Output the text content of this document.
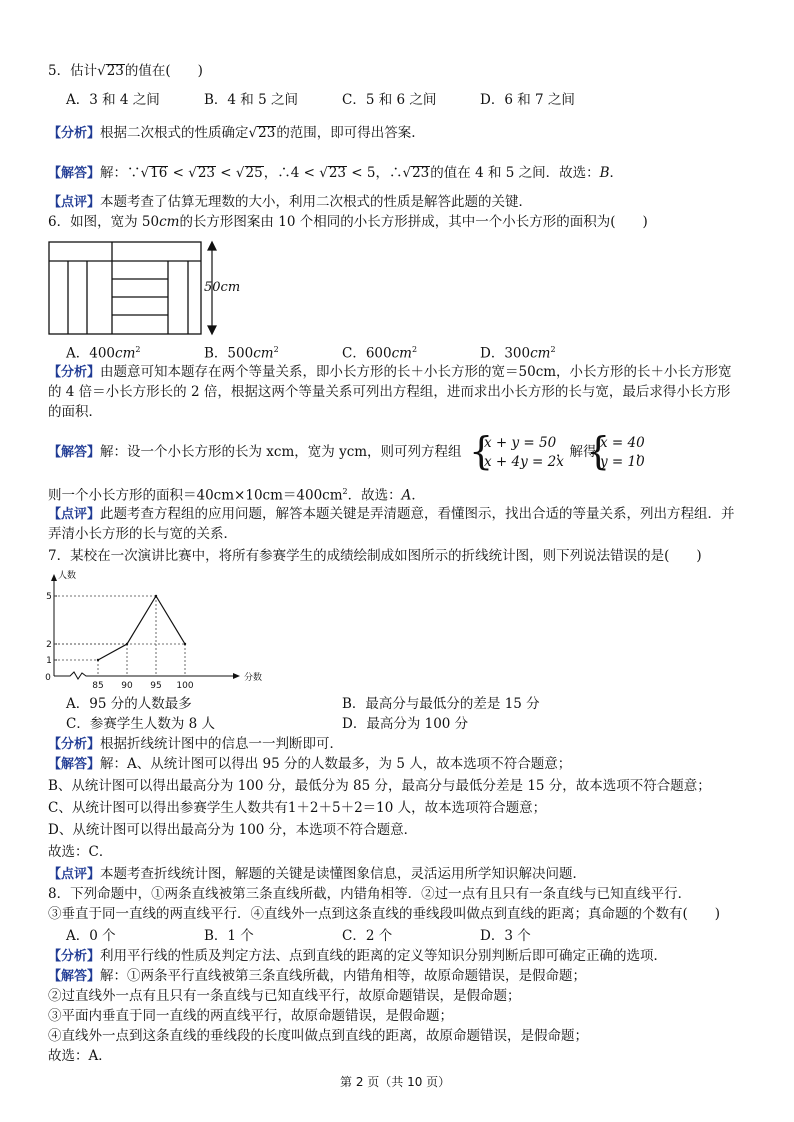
5．估计√23的值在(　　)
A．3 和 4 之间	B．4 和 5 之间	C．5 和 6 之间	D．6 和 7 之间
【分析】根据二次根式的性质确定√23的范围，即可得出答案.
【解答】解：∵√16 < √23 < √25，∴4 < √23 < 5，∴√23的值在 4 和 5 之间．故选：B．
【点评】本题考查了估算无理数的大小，利用二次根式的性质是解答此题的关键．
6．如图，宽为 50cm的长方形图案由 10 个相同的小长方形拼成，其中一个小长方形的面积为(　　)
50cm
A．$400cm^2$	B．$500cm^2$	C．$600cm^2$	D．$300cm^2$
【分析】由题意可知本题存在两个等量关系，即小长方形的长＋小长方形的宽＝50cm，小长方形的长＋小长方形宽
的 4 倍＝小长方形长的 2 倍，根据这两个等量关系可列出方程组，进而求出小长方形的长与宽，最后求得小长方形
的面积．
【解答】解：设一个小长方形的长为 xcm，宽为 ycm，则可列方程组 {
x + y = 50
x + 4y = 2x
，解得
{
x = 40
y = 10
，
则一个小长方形的面积$=40cm\times 10cm=400cm^2$．故选：A．
【点评】此题考查方程组的应用问题，解答本题关键是弄清题意，看懂图示，找出合适的等量关系，列出方程组．并
弄清小长方形的长与宽的关系．
7．某校在一次演讲比赛中，将所有参赛学生的成绩绘制成如图所示的折线统计图，则下列说法错误的是(　　)
人数
分数
0
1
2
5
85 90 95 100
A．95 分的人数最多	B．最高分与最低分的差是 15 分
C．参赛学生人数为 8 人	D．最高分为 100 分
【分析】根据折线统计图中的信息一一判断即可．
【解答】解：A、从统计图可以得出 95 分的人数最多，为 5 人，故本选项不符合题意；
B、从统计图可以得出最高分为 100 分，最低分为 85 分，最高分与最低分差是 15 分，故本选项不符合题意；
C、从统计图可以得出参赛学生人数共有1＋2＋5＋2＝10 人，故本选项符合题意；
D、从统计图可以得出最高分为 100 分，本选项不符合题意．
故选：C．
【点评】本题考查折线统计图，解题的关键是读懂图象信息，灵活运用所学知识解决问题．
8．下列命题中，①两条直线被第三条直线所截，内错角相等．②过一点有且只有一条直线与已知直线平行．
③垂直于同一直线的两直线平行．④直线外一点到这条直线的垂线段叫做点到直线的距离；真命题的个数有(　　)
A．0 个	B．1 个	C．2 个	D．3 个
【分析】利用平行线的性质及判定方法、点到直线的距离的定义等知识分别判断后即可确定正确的选项．
【解答】解：①两条平行直线被第三条直线所截，内错角相等，故原命题错误，是假命题；
②过直线外一点有且只有一条直线与已知直线平行，故原命题错误，是假命题；
③平面内垂直于同一直线的两直线平行，故原命题错误，是假命题；
④直线外一点到这条直线的垂线段的长度叫做点到直线的距离，故原命题错误，是假命题；
故选：A．
第 2 页（共 10 页）
